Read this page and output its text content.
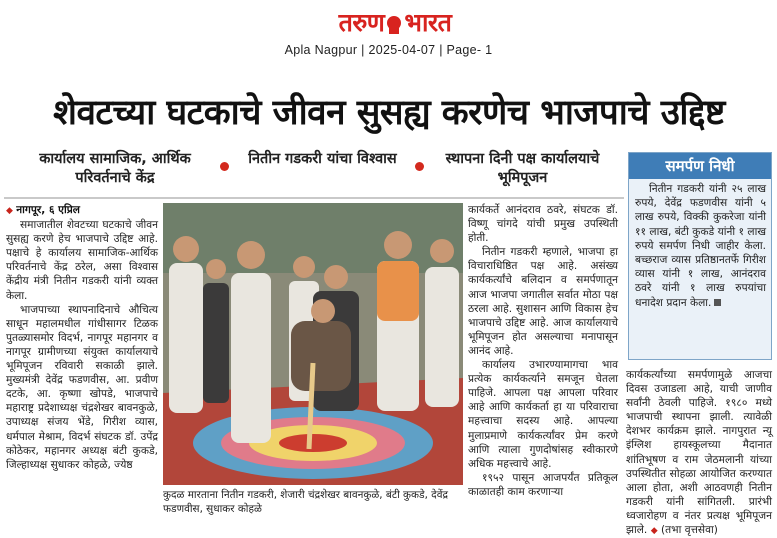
तरुण भारत
Apla Nagpur | 2025-04-07 | Page- 1
शेवटच्या घटकाचे जीवन सुसह्य करणेच भाजपाचे उद्दिष्ट
कार्यालय सामाजिक, आर्थिक परिवर्तनाचे केंद्र
नितीन गडकरी यांचा विश्वास	स्थापना दिनी पक्ष कार्यालयाचे भूमिपूजन

◆ नागपूर, ६ एप्रिल

समाजातील शेवटच्या घटकाचे जीवन सुसह्य करणे हेच भाजपाचे उद्दिष्ट आहे. पक्षाचे हे कार्यालय सामाजिक-आर्थिक परिवर्तनाचे केंद्र ठरेल, असा विश्वास केंद्रीय मंत्री नितीन गडकरी यांनी व्यक्त केला.

भाजपाच्या स्थापनादिनाचे औचित्य साधून महालमधील गांधीसागर टिळक पुतळ्यासमोर विदर्भ, नागपूर महानगर व नागपूर ग्रामीणच्या संयुक्त कार्यालयाचे भूमिपूजन रविवारी सकाळी झाले. मुख्यमंत्री देवेंद्र फडणवीस, आ. प्रवीण दटके, आ. कृष्णा खोपडे, भाजपाचे महाराष्ट्र प्रदेशाध्यक्ष चंद्रशेखर बावनकुळे, उपाध्यक्ष संजय भेंडे, गिरीश व्यास, धर्मपाल मेश्राम, विदर्भ संघटक डॉ. उपेंद्र कोठेकर, महानगर अध्यक्ष बंटी कुकडे, जिल्हाध्यक्ष सुधाकर कोहळे, ज्येष्ठ

कुदळ मारताना नितीन गडकरी, शेजारी चंद्रशेखर बावनकुळे, बंटी कुकडे, देवेंद्र फडणवीस, सुधाकर कोहळे

कार्यकर्ते आनंदराव ठवरे, संघटक डॉ. विष्णू चांगदे यांची प्रमुख उपस्थिती होती.

नितीन गडकरी म्हणाले, भाजपा हा विचाराधिष्ठित पक्ष आहे. असंख्य कार्यकर्त्यांचे बलिदान व समर्पणातून आज भाजपा जगातील सर्वात मोठा पक्ष ठरला आहे. सुशासन आणि विकास हेच भाजपाचे उद्दिष्ट आहे. आज कार्यालयाचे भूमिपूजन होत असल्याचा मनापासून आनंद आहे.

कार्यालय उभारण्यामागचा भाव प्रत्येक कार्यकर्त्याने समजून घेतला पाहिजे. आपला पक्ष आपला परिवार आहे आणि कार्यकर्ता हा या परिवाराचा महत्त्वाचा सदस्य आहे. आपल्या मुलाप्रमाणे कार्यकर्त्यांवर प्रेम करणे आणि त्याला गुणदोषांसह स्वीकारणे अधिक महत्त्वाचे आहे.

१९५२ पासून आजपर्यंत प्रतिकूल काळातही काम करणाऱ्या

समर्पण निधी
नितीन गडकरी यांनी २५ लाख रुपये, देवेंद्र फडणवीस यांनी ५ लाख रुपये, विक्की कुकरेजा यांनी ११ लाख, बंटी कुकडे यांनी १ लाख रुपये समर्पण निधी जाहीर केला. बच्छराज व्यास प्रतिष्ठानतर्फे गिरीश व्यास यांनी १ लाख, आनंदराव ठवरे यांनी १ लाख रुपयांचा धनादेश प्रदान केला.

कार्यकर्त्यांच्या समर्पणामुळे आजचा दिवस उजाडला आहे, याची जाणीव सर्वांनी ठेवली पाहिजे. १९८० मध्ये भाजपाची स्थापना झाली. त्यावेळी देशभर कार्यक्रम झाले. नागपुरात न्यू इंग्लिश हायस्कूलच्या मैदानात शांतिभूषण व राम जेठमलानी यांच्या उपस्थितीत सोहळा आयोजित करण्यात आला होता, अशी आठवणही नितीन गडकरी यांनी सांगितली. प्रारंभी ध्वजारोहण व नंतर प्रत्यक्ष भूमिपूजन झाले. ◆ (तभा वृत्तसेवा)
